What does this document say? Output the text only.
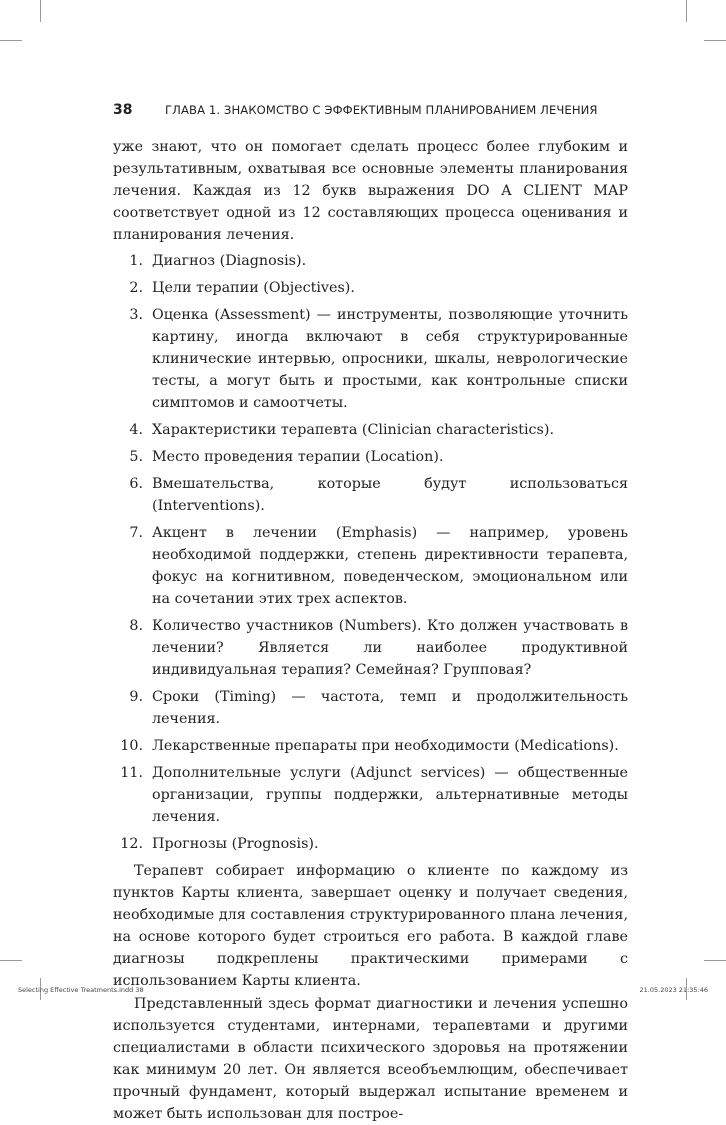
38	ГЛАВА 1. ЗНАКОМСТВО С ЭФФЕКТИВНЫМ ПЛАНИРОВАНИЕМ ЛЕЧЕНИЯ

уже знают, что он помогает сделать процесс более глубоким и результативным, охватывая все основные элементы планирования лечения. Каждая из 12 букв выражения DO A CLIENT MAP соответствует одной из 12 составляющих процесса оценивания и планирования лечения.

1. Диагноз (Diagnosis).
2. Цели терапии (Objectives).
3. Оценка (Assessment) — инструменты, позволяющие уточнить картину, иногда включают в себя структурированные клинические интервью, опросники, шкалы, неврологические тесты, а могут быть и простыми, как контрольные списки симптомов и самоотчеты.
4. Характеристики терапевта (Clinician characteristics).
5. Место проведения терапии (Location).
6. Вмешательства, которые будут использоваться (Interventions).
7. Акцент в лечении (Emphasis) — например, уровень необходимой поддержки, степень директивности терапевта, фокус на когнитивном, поведенческом, эмоциональном или на сочетании этих трех аспектов.
8. Количество участников (Numbers). Кто должен участвовать в лечении? Является ли наиболее продуктивной индивидуальная терапия? Семейная? Групповая?
9. Сроки (Timing) — частота, темп и продолжительность лечения.
10. Лекарственные препараты при необходимости (Medications).
11. Дополнительные услуги (Adjunct services) — общественные организации, группы поддержки, альтернативные методы лечения.
12. Прогнозы (Prognosis).

Терапевт собирает информацию о клиенте по каждому из пунктов Карты клиента, завершает оценку и получает сведения, необходимые для составления структурированного плана лечения, на основе которого будет строиться его работа. В каждой главе диагнозы подкреплены практическими примерами с использованием Карты клиента.

Представленный здесь формат диагностики и лечения успешно используется студентами, интернами, терапевтами и другими специалистами в области психического здоровья на протяжении как минимум 20 лет. Он является всеобъемлющим, обеспечивает прочный фундамент, который выдержал испытание временем и может быть использован для построе-

Selecting Effective Treatments.indd 38	21.05.2023 21:35:46
